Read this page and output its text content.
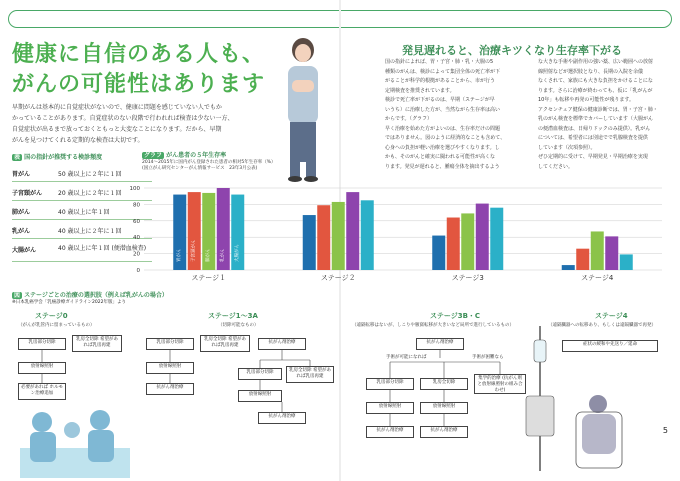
健康に自信のある人も、
がんの可能性はあります
早期がんは基本的に自覚症状がないので、健康に問題を感じていない人でもか
かっていることがあります。自覚症状のない段階で行われれば検査は少ない一方、
自覚症状が出るまで放っておくともっと大変なことになります。だから、早期
がんを見つけてくれる定期的な検査は大切です。
表 国の指針が推奨する検診頻度
胃がん	50 歳以上に２年に１回
子宮頸がん	20 歳以上に２年に１回
肺がん	40 歳以上に年１回
乳がん	40 歳以上に２年に１回
大腸がん	40 歳以上に年１回 (便潜血検査)
グラフ がん患者の５年生存率
2014～2015年に国内がん登録された患者の相対5年生存率（%）
(国立がん研究センターがん情報サービス　23年3月公表)
発見遅れると、治療キツくなり生存率下がる
国の指針によれば、胃・子宮・肺・乳・大腸の5
種類のがんは、検診によって集団全体の死亡率が下
がることが科学的根拠があることから、市が行う
定期検査を推奨されています。
検診で死亡率が下がるのは、早期（ステージが早
いうち）に治療した方が、当然ながら生存率は高い
からです。（グラフ）
早く治療を始めた方がよいのは、生存率だけの問題
ではありません。図のように経済的なことも含めて、
心身への負担が軽い治療を選びやすくなります。し
かも、そのがんと確実に闘われる可能性が高くな
ります。発見が遅れると、腫瘍全体を摘出するよう
な大きな手術や副作用の強い薬、広い範囲への放射
線照射などが選択肢となり、長期の入院を余儀
なくされて、家族にも大きな負担をかけることにな
ります。さらに治療が終わっても、仮に「乳がんが
10年」も転移や再発の可能性が残ります。
アクセンチュア健保の健康診断では、胃・子宮・肺・
乳のがん検査を標準でカバーしています（大腸がん
の便潜血検査は、日帰りドックのみ提供）。乳がん
については、希望者には別途でで乳腺検査を提供
しています（次項参照）。
ぜひ定期的に受けて、早期発見・早期治療を実現
してください。
0
20
40
60
80
100
胃がん	子宮頸がん	肺がん	乳がん	大腸がん
ステージ１	ステージ２	ステージ3	ステージ4
図 ステージごとの治療の選択肢（例えば乳がんの場合）
※日本乳癌学会「乳癌診療ガイドライン2022年版」より
ステージ0
（がんが乳管内に留まっているもの）
乳房部分切除
乳房全切除 希望があれば乳房再建
放射線照射
必要があれば ホルモン治療追加
ステージ1～3A
（切除可能なもの）
乳房部分切除
乳房全切除 希望があれば乳房再建
放射線照射
抗がん剤治療
抗がん剤治療
乳房部分切除	乳房全切除 希望があれば乳房再建
放射線照射
抗がん剤治療
ステージ3B・C
（遠隔転移はないが、しこりや腋窩転移が大きいなど局所で進行しているもの）
抗がん剤治療
手術が可能になれば	手術が困難なら
乳房部分切除	乳房全切除
集学的治療 (抗がん剤と放射線照射の組み合わせ)
放射線照射	放射線照射
抗がん剤治療	抗がん剤治療
ステージ4
（遠隔臓器への転移あり、もしくは遠隔臓器で再発）
症状の緩和や先送り／延命
5
